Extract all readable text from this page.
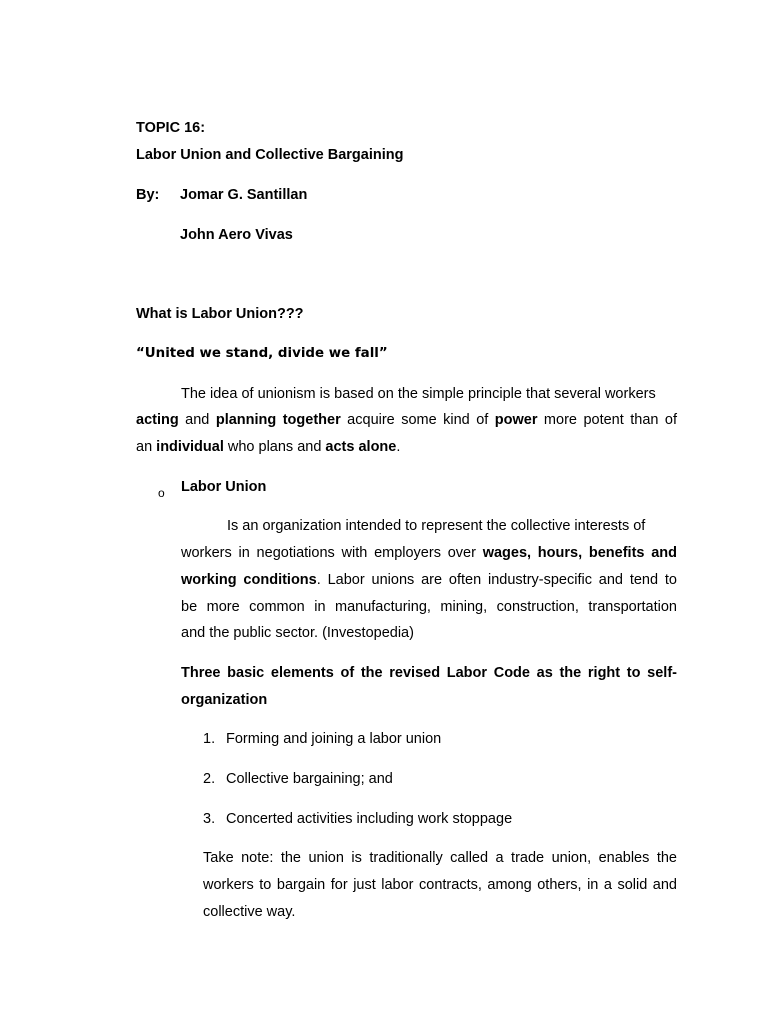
TOPIC 16:
Labor Union and Collective Bargaining
By: Jomar G. Santillan
John Aero Vivas
What is Labor Union???
“United we stand, divide we fall”
The idea of unionism is based on the simple principle that several workers
acting and planning together acquire some kind of power more potent than of
an individual who plans and acts alone.
o Labor Union
Is an organization intended to represent the collective interests of
workers in negotiations with employers over wages, hours, benefits and
working conditions. Labor unions are often industry-specific and tend to
be more common in manufacturing, mining, construction, transportation
and the public sector. (Investopedia)
Three basic elements of the revised Labor Code as the right to self-
organization
1. Forming and joining a labor union
2. Collective bargaining; and
3. Concerted activities including work stoppage
Take note: the union is traditionally called a trade union, enables the
workers to bargain for just labor contracts, among others, in a solid and
collective way.
